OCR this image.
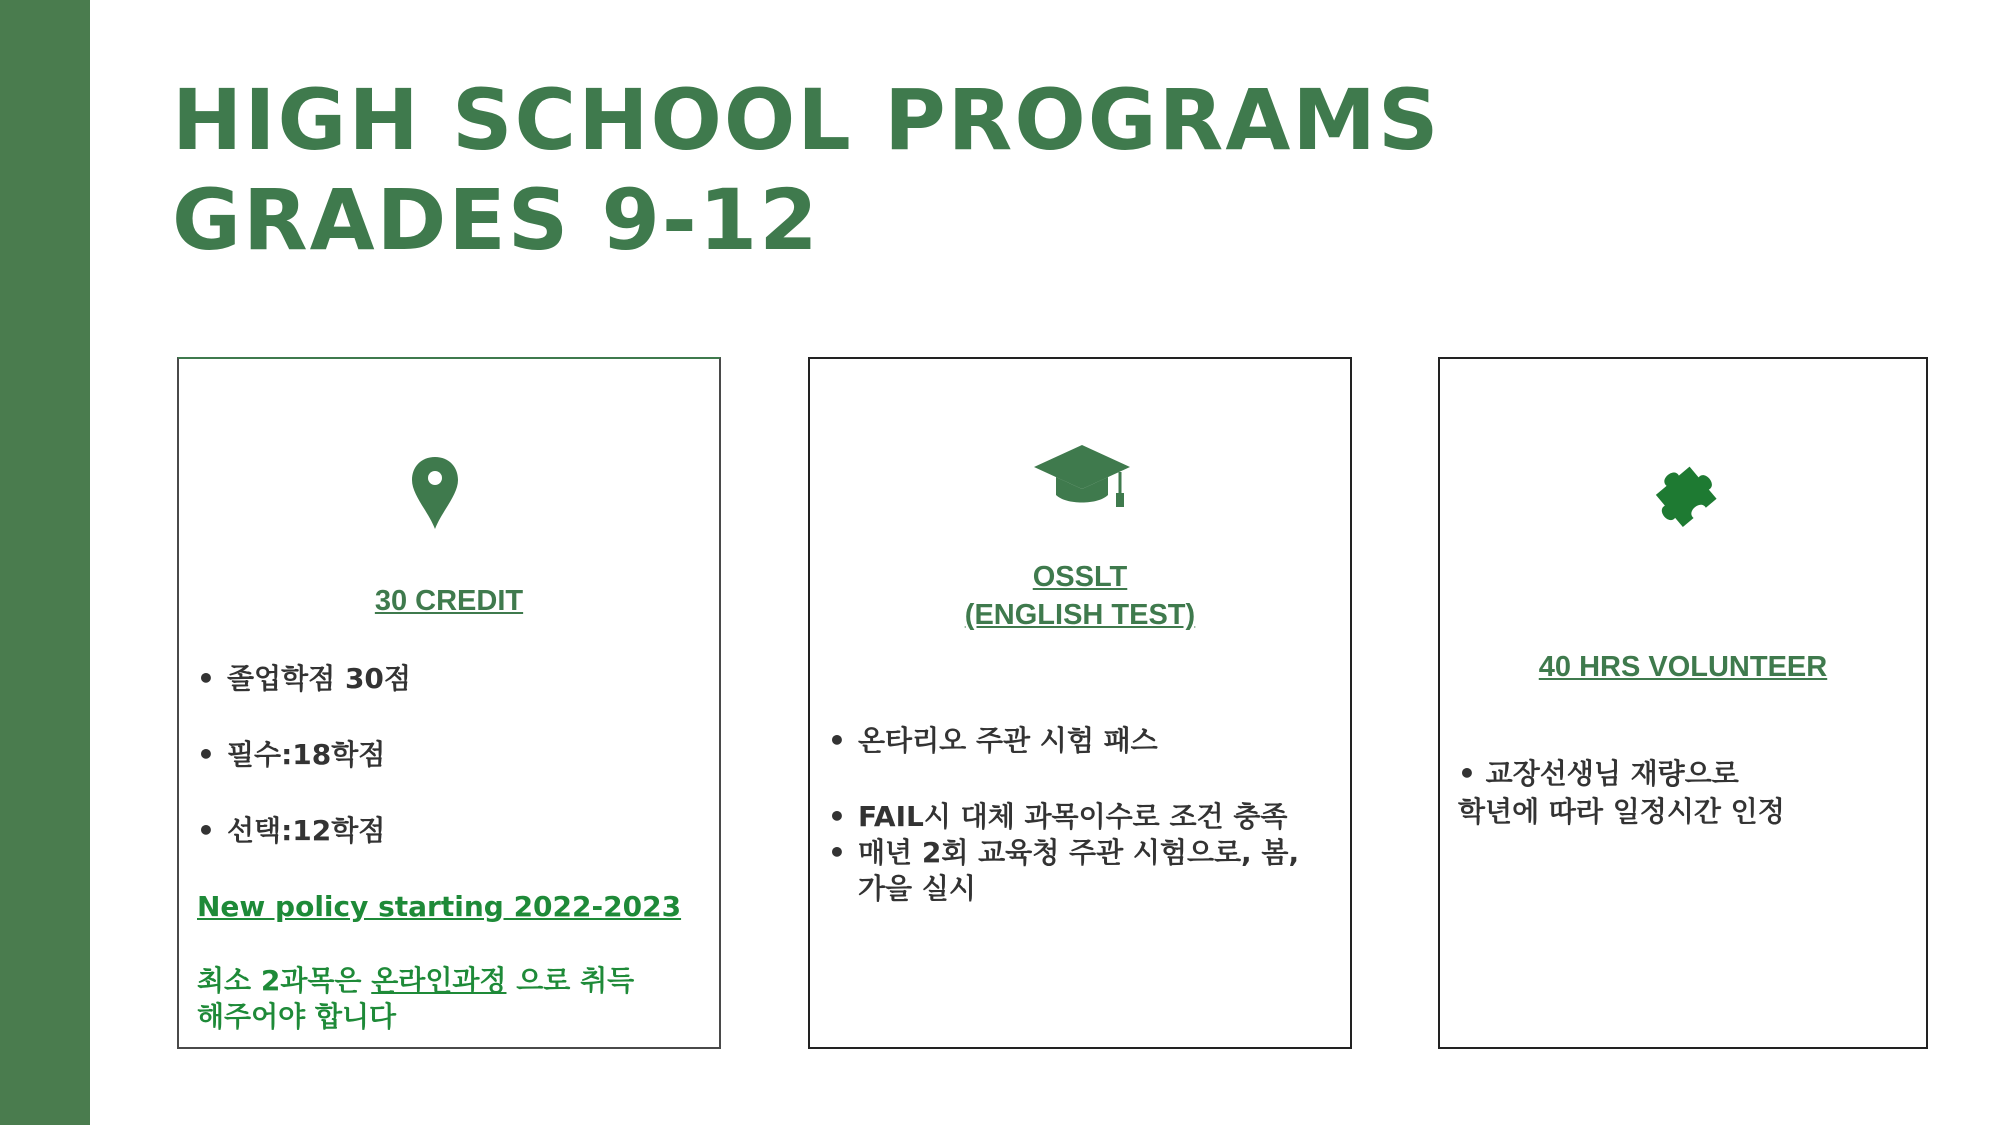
HIGH SCHOOL PROGRAMS
GRADES 9-12
30 CREDIT
• 졸업학점 30점
• 필수:18학점
• 선택:12학점
New policy starting 2022-2023
최소 2과목은 온라인과정 으로 취득
해주어야 합니다
OSSLT
(ENGLISH TEST)
• 온타리오 주관 시험 패스
• FAIL시 대체 과목이수로 조건 충족
• 매년 2회 교육청 주관 시험으로, 봄, 가을 실시
40 HRS VOLUNTEER
• 교장선생님 재량으로
학년에 따라 일정시간 인정
